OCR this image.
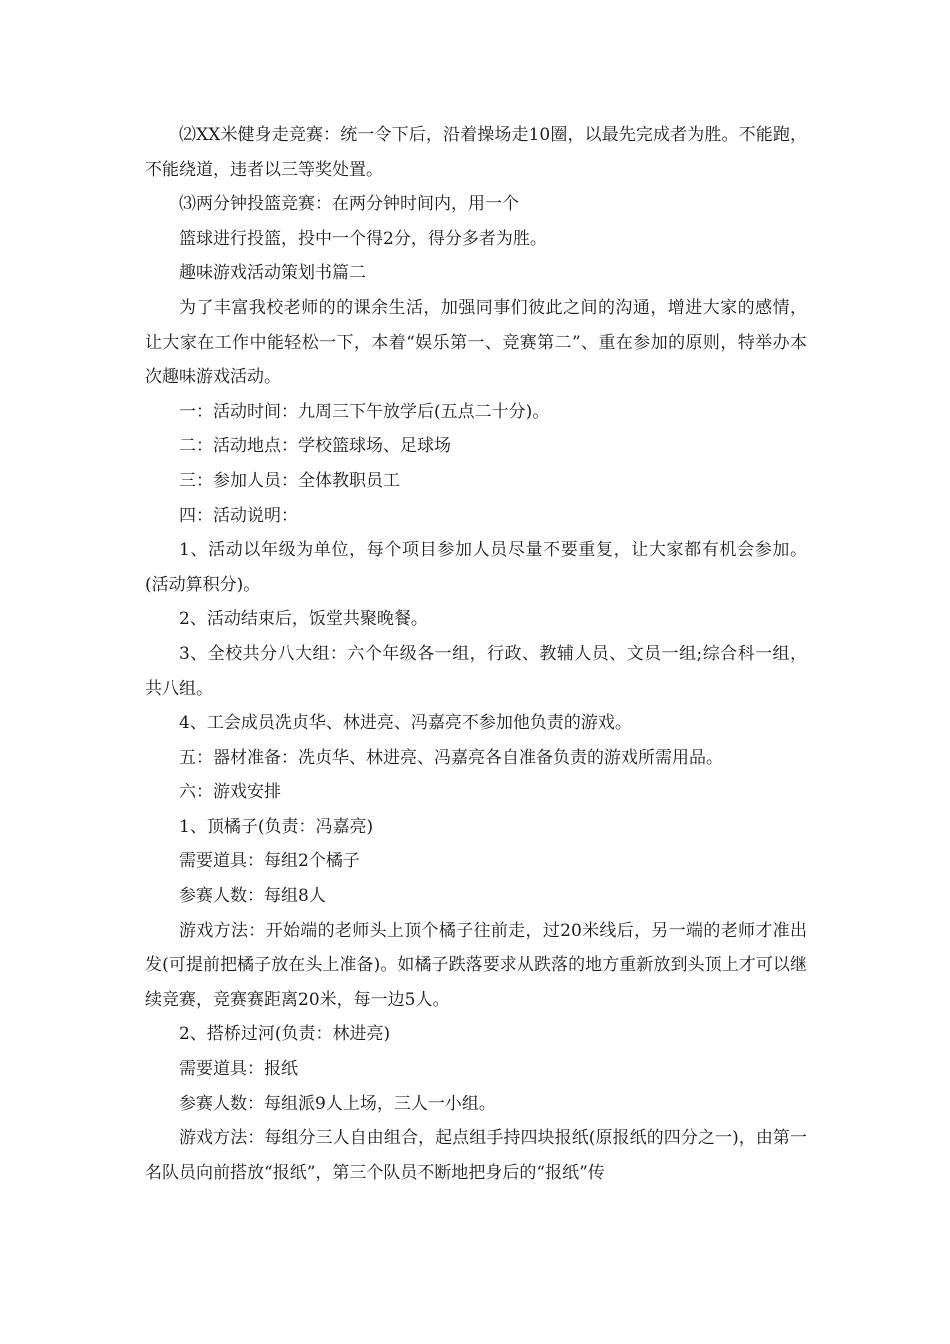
⑵XX米健身走竞赛：统一令下后，沿着操场走10圈，以最先完成者为胜。不能跑，不能绕道，违者以三等奖处置。

⑶两分钟投篮竞赛：在两分钟时间内，用一个

篮球进行投篮，投中一个得2分，得分多者为胜。

趣味游戏活动策划书篇二

为了丰富我校老师的的课余生活，加强同事们彼此之间的沟通，增进大家的感情，让大家在工作中能轻松一下，本着“娱乐第一、竞赛第二”、重在参加的原则，特举办本次趣味游戏活动。

一：活动时间：九周三下午放学后(五点二十分)。

二：活动地点：学校篮球场、足球场

三：参加人员：全体教职员工

四：活动说明：

1、活动以年级为单位，每个项目参加人员尽量不要重复，让大家都有机会参加。(活动算积分)。

2、活动结束后，饭堂共聚晚餐。

3、全校共分八大组：六个年级各一组，行政、教辅人员、文员一组;综合科一组，共八组。

4、工会成员冼贞华、林进亮、冯嘉亮不参加他负责的游戏。

五：器材准备：冼贞华、林进亮、冯嘉亮各自准备负责的游戏所需用品。

六：游戏安排

1、顶橘子(负责：冯嘉亮)

需要道具：每组2个橘子

参赛人数：每组8人

游戏方法：开始端的老师头上顶个橘子往前走，过20米线后，另一端的老师才准出发(可提前把橘子放在头上准备)。如橘子跌落要求从跌落的地方重新放到头顶上才可以继续竞赛，竞赛赛距离20米，每一边5人。

2、搭桥过河(负责：林进亮)

需要道具：报纸

参赛人数：每组派9人上场，三人一小组。

游戏方法：每组分三人自由组合，起点组手持四块报纸(原报纸的四分之一)，由第一名队员向前搭放“报纸”，第三个队员不断地把身后的“报纸”传
